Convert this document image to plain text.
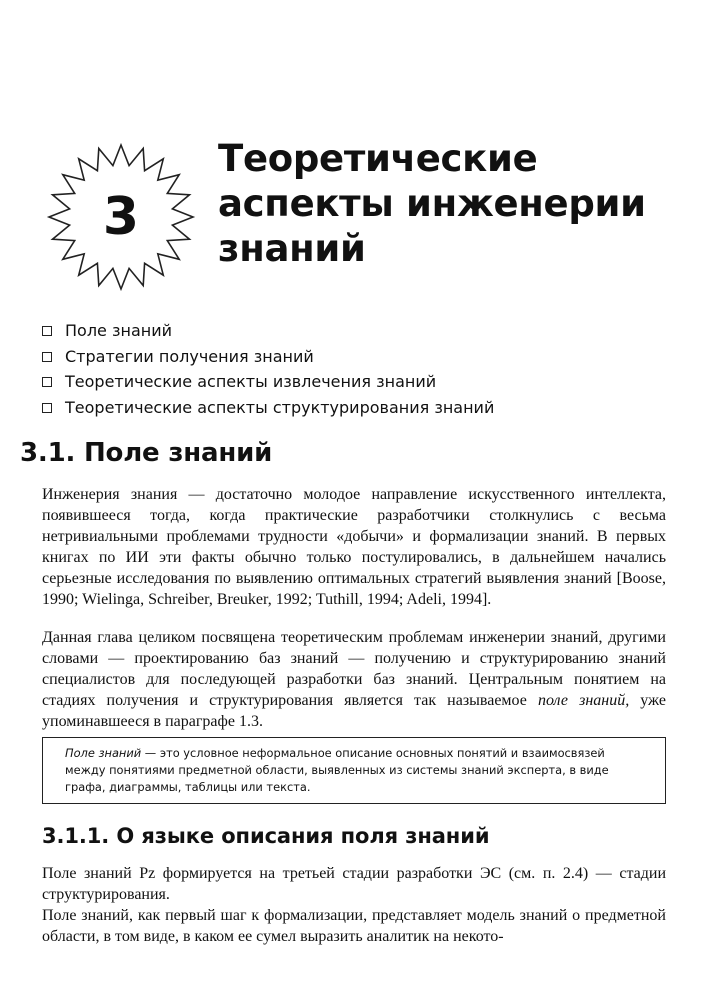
3
Теоретические
аспекты инженерии
знаний
Поле знаний
Стратегии получения знаний
Теоретические аспекты извлечения знаний
Теоретические аспекты структурирования знаний
3.1. Поле знаний

Инженерия знания — достаточно молодое направление искусственного интеллекта, появившееся тогда, когда практические разработчики столкнулись с весьма нетривиальными проблемами трудности «добычи» и формализации знаний. В первых книгах по ИИ эти факты обычно только постулировались, в дальнейшем начались серьезные исследования по выявлению оптимальных стратегий выявления знаний [Boose, 1990; Wielinga, Schreiber, Breuker, 1992; Tuthill, 1994; Adeli, 1994].

Данная глава целиком посвящена теоретическим проблемам инженерии знаний, другими словами — проектированию баз знаний — получению и структурированию знаний специалистов для последующей разработки баз знаний. Центральным понятием на стадиях получения и структурирования является так называемое поле знаний, уже упоминавшееся в параграфе 1.3.

Поле знаний — это условное неформальное описание основных понятий и взаимосвязей между понятиями предметной области, выявленных из системы знаний эксперта, в виде графа, диаграммы, таблицы или текста.
3.1.1. О языке описания поля знаний

Поле знаний Pz формируется на третьей стадии разработки ЭС (см. п. 2.4) — стадии структурирования.

Поле знаний, как первый шаг к формализации, представляет модель знаний о предметной области, в том виде, в каком ее сумел выразить аналитик на некото-
